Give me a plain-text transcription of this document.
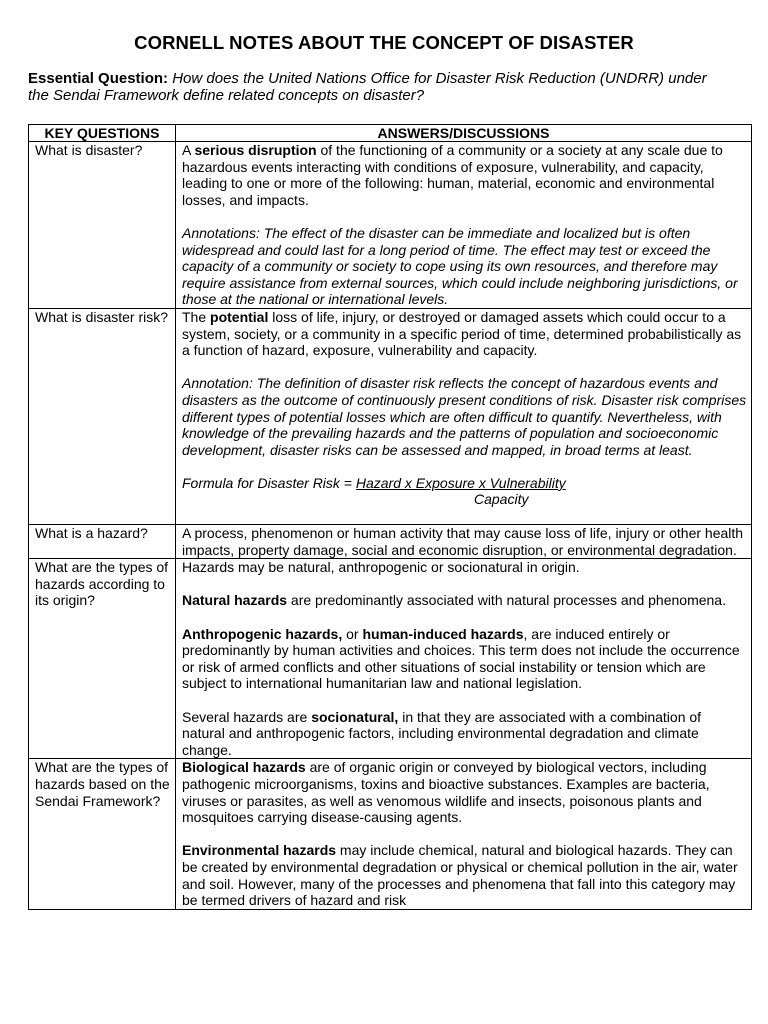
CORNELL NOTES ABOUT THE CONCEPT OF DISASTER
Essential Question: How does the United Nations Office for Disaster Risk Reduction (UNDRR) under the Sendai Framework define related concepts on disaster?
KEY QUESTIONS	ANSWERS/DISCUSSIONS
What is disaster?	A serious disruption of the functioning of a community or a society at any scale due to hazardous events interacting with conditions of exposure, vulnerability, and capacity, leading to one or more of the following: human, material, economic and environmental losses, and impacts.

Annotations: The effect of the disaster can be immediate and localized but is often widespread and could last for a long period of time. The effect may test or exceed the capacity of a community or society to cope using its own resources, and therefore may require assistance from external sources, which could include neighboring jurisdictions, or those at the national or international levels.

What is disaster risk?	The potential loss of life, injury, or destroyed or damaged assets which could occur to a system, society, or a community in a specific period of time, determined probabilistically as a function of hazard, exposure, vulnerability and capacity.

Annotation: The definition of disaster risk reflects the concept of hazardous events and disasters as the outcome of continuously present conditions of risk. Disaster risk comprises different types of potential losses which are often difficult to quantify. Nevertheless, with knowledge of the prevailing hazards and the patterns of population and socioeconomic development, disaster risks can be assessed and mapped, in broad terms at least.

Formula for Disaster Risk = Hazard x Exposure x Vulnerability

Capacity

What is a hazard?	A process, phenomenon or human activity that may cause loss of life, injury or other health impacts, property damage, social and economic disruption, or environmental degradation.

What are the types of hazards according to its origin?	Hazards may be natural, anthropogenic or socionatural in origin.

Natural hazards are predominantly associated with natural processes and phenomena.

Anthropogenic hazards, or human-induced hazards, are induced entirely or predominantly by human activities and choices. This term does not include the occurrence or risk of armed conflicts and other situations of social instability or tension which are subject to international humanitarian law and national legislation.

Several hazards are socionatural, in that they are associated with a combination of natural and anthropogenic factors, including environmental degradation and climate change.

What are the types of hazards based on the Sendai Framework?	Biological hazards are of organic origin or conveyed by biological vectors, including pathogenic microorganisms, toxins and bioactive substances. Examples are bacteria, viruses or parasites, as well as venomous wildlife and insects, poisonous plants and mosquitoes carrying disease-causing agents.

Environmental hazards may include chemical, natural and biological hazards. They can be created by environmental degradation or physical or chemical pollution in the air, water and soil. However, many of the processes and phenomena that fall into this category may be termed drivers of hazard and risk
